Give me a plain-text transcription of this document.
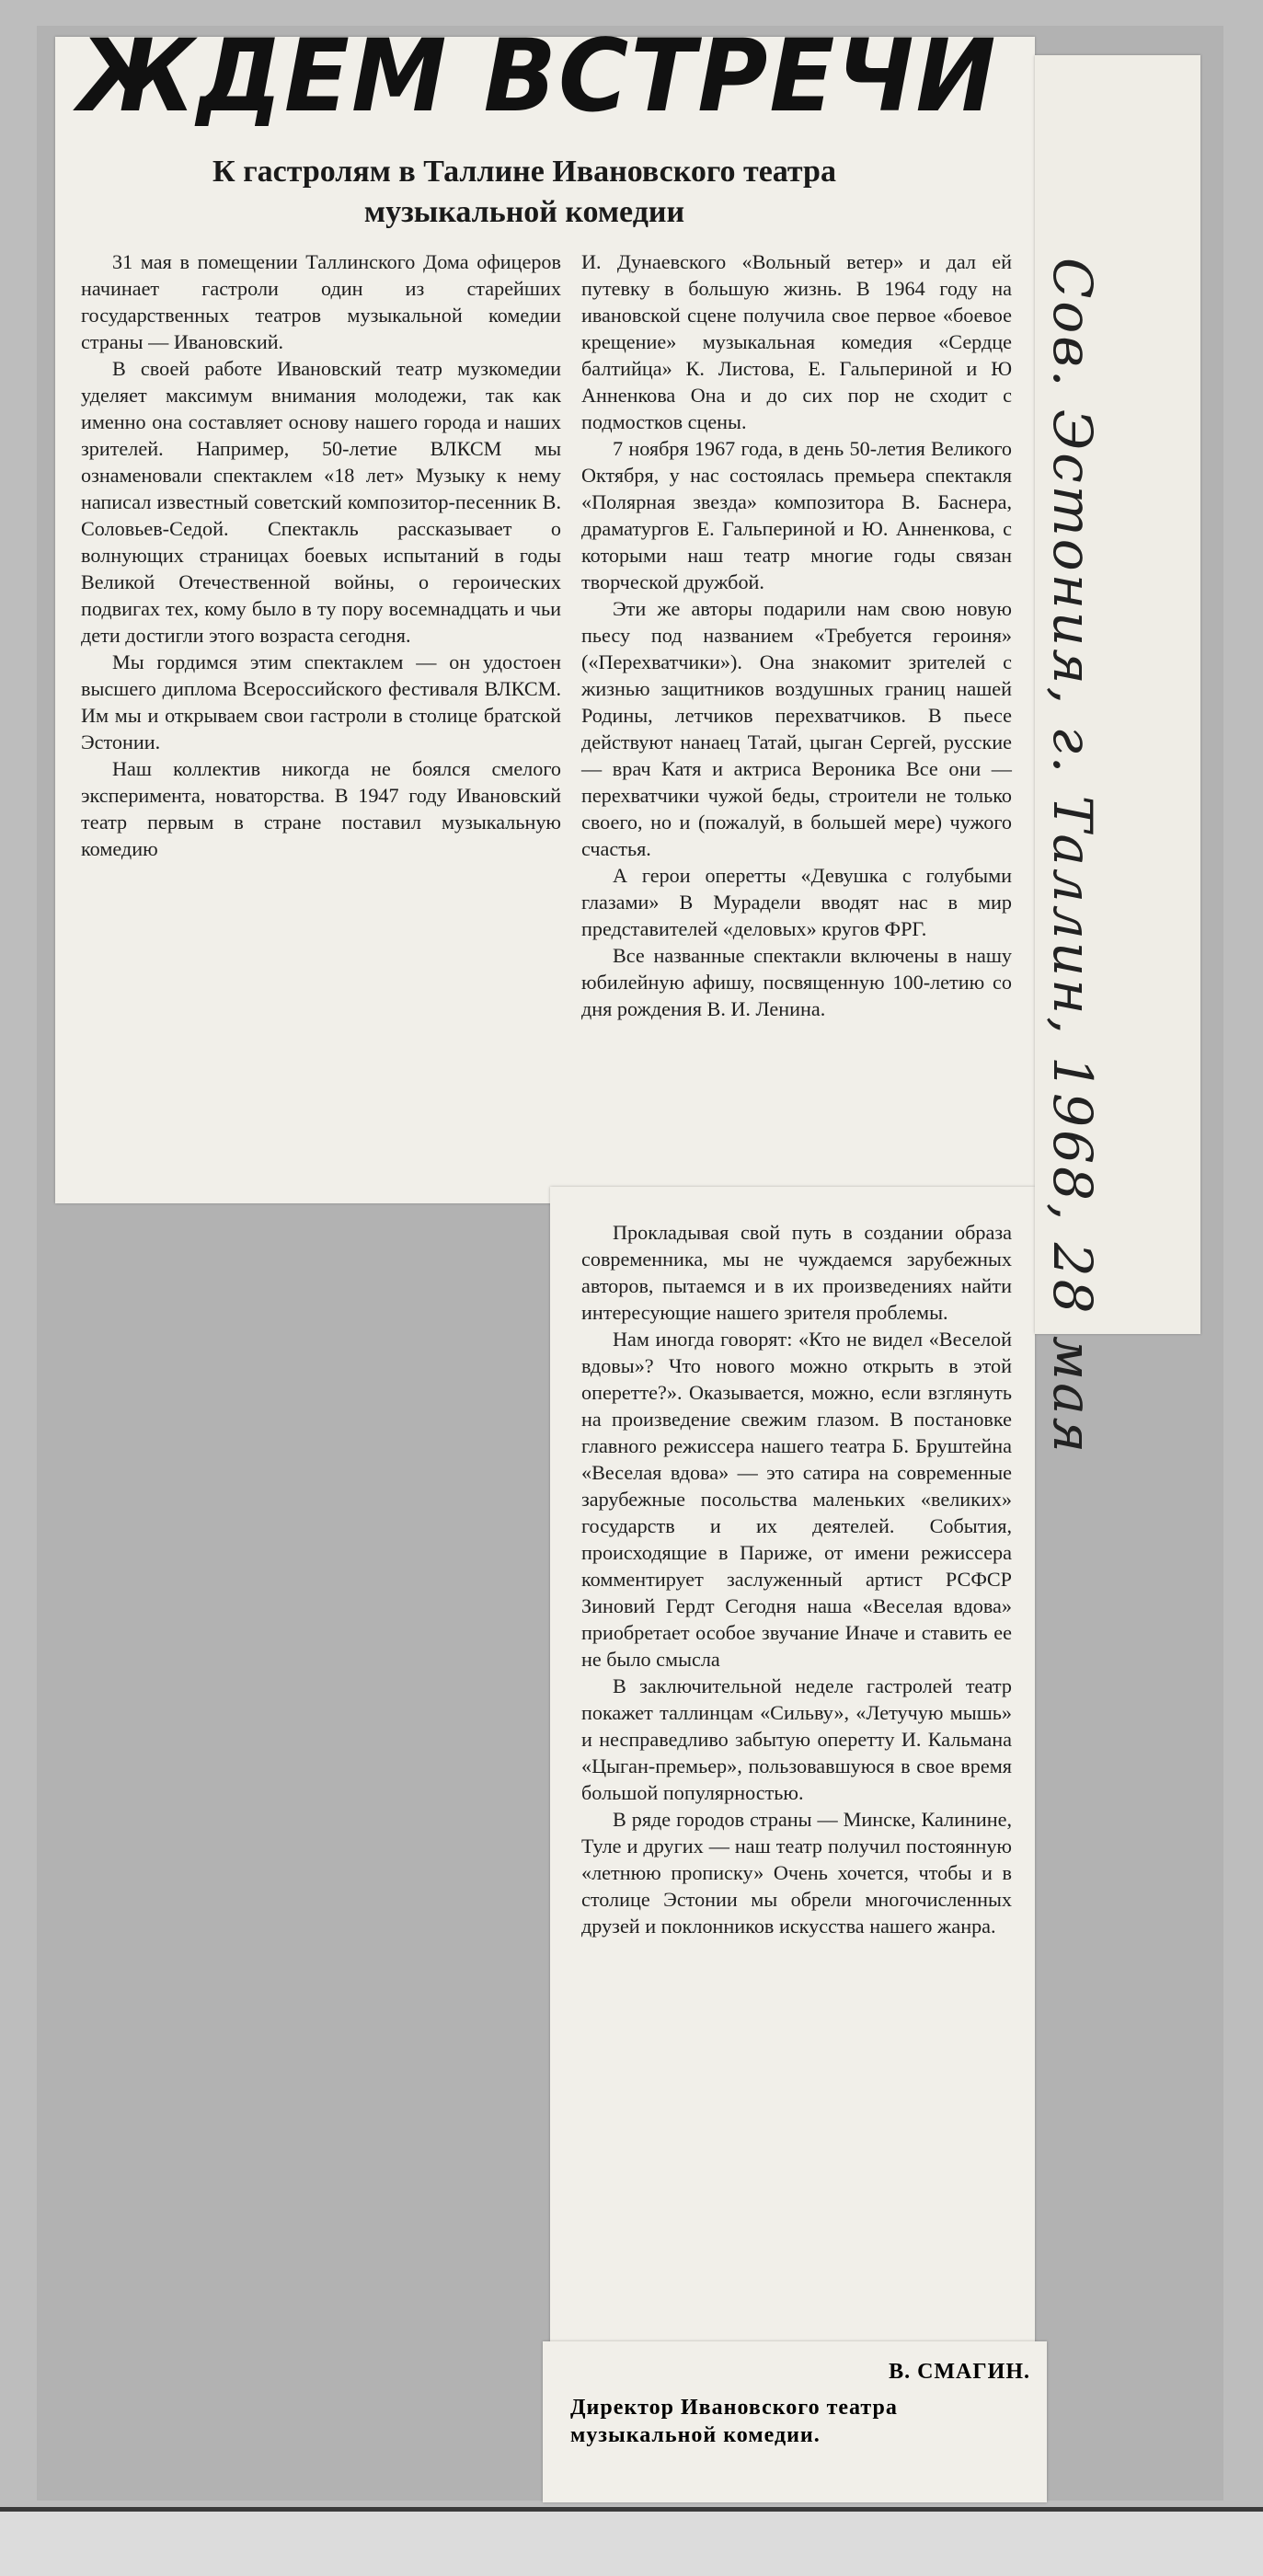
ЖДЕМ ВСТРЕЧИ
К гастролям в Таллине Ивановского театра
музыкальной комедии

31 мая в помещении Таллинского Дома офицеров начинает гастроли один из старейших государственных театров музыкальной комедии страны — Ивановский.

В своей работе Ивановский театр музкомедии уделяет максимум внимания молодежи, так как именно она составляет основу нашего города и наших зрителей. Например, 50-летие ВЛКСМ мы ознаменовали спектаклем «18 лет» Музыку к нему написал известный советский композитор-песенник В. Соловьев-Седой. Спектакль рассказывает о волнующих страницах боевых испытаний в годы Великой Отечественной войны, о героических подвигах тех, кому было в ту пору восемнадцать и чьи дети достигли этого возраста сегодня.

Мы гордимся этим спектаклем — он удостоен высшего диплома Всероссийского фестиваля ВЛКСМ. Им мы и открываем свои гастроли в столице братской Эстонии.

Наш коллектив никогда не боялся смелого эксперимента, новаторства. В 1947 году Ивановский театр первым в стране поставил музыкальную комедию

И. Дунаевского «Вольный ветер» и дал ей путевку в большую жизнь. В 1964 году на ивановской сцене получила свое первое «боевое крещение» музыкальная комедия «Сердце балтийца» К. Листова, Е. Гальпериной и Ю Анненкова Она и до сих пор не сходит с подмостков сцены.

7 ноября 1967 года, в день 50-летия Великого Октября, у нас состоялась премьера спектакля «Полярная звезда» композитора В. Баснера, драматургов Е. Гальпериной и Ю. Анненкова, с которыми наш театр многие годы связан творческой дружбой.

Эти же авторы подарили нам свою новую пьесу под названием «Требуется героиня» («Перехватчики»). Она знакомит зрителей с жизнью защитников воздушных границ нашей Родины, летчиков перехватчиков. В пьесе действуют нанаец Татай, цыган Сергей, русские — врач Катя и актриса Вероника Все они — перехватчики чужой беды, строители не только своего, но и (пожалуй, в большей мере) чужого счастья.

А герои оперетты «Девушка с голубыми глазами» В Мурадели вводят нас в мир представителей «деловых» кругов ФРГ.

Все названные спектакли включены в нашу юбилейную афишу, посвященную 100-летию со дня рождения В. И. Ленина.

Прокладывая свой путь в создании образа современника, мы не чуждаемся зарубежных авторов, пытаемся и в их произведениях найти интересующие нашего зрителя проблемы.

Нам иногда говорят: «Кто не видел «Веселой вдовы»? Что нового можно открыть в этой оперетте?». Оказывается, можно, если взглянуть на произведение свежим глазом. В постановке главного режиссера нашего театра Б. Бруштейна «Веселая вдова» — это сатира на современные зарубежные посольства маленьких «великих» государств и их деятелей. События, происходящие в Париже, от имени режиссера комментирует заслуженный артист РСФСР Зиновий Гердт Сегодня наша «Веселая вдова» приобретает особое звучание Иначе и ставить ее не было смысла

В заключительной неделе гастролей театр покажет таллинцам «Сильву», «Летучую мышь» и несправедливо забытую оперетту И. Кальмана «Цыган-премьер», пользовавшуюся в свое время большой популярностью.

В ряде городов страны — Минске, Калинине, Туле и других — наш театр получил постоянную «летнюю прописку» Очень хочется, чтобы и в столице Эстонии мы обрели многочисленных друзей и поклонников искусства нашего жанра.

В. СМАГИН.
Директор Ивановского театра
музыкальной комедии.
Сов. Эстония, г. Таллин, 1968, 28 мая
